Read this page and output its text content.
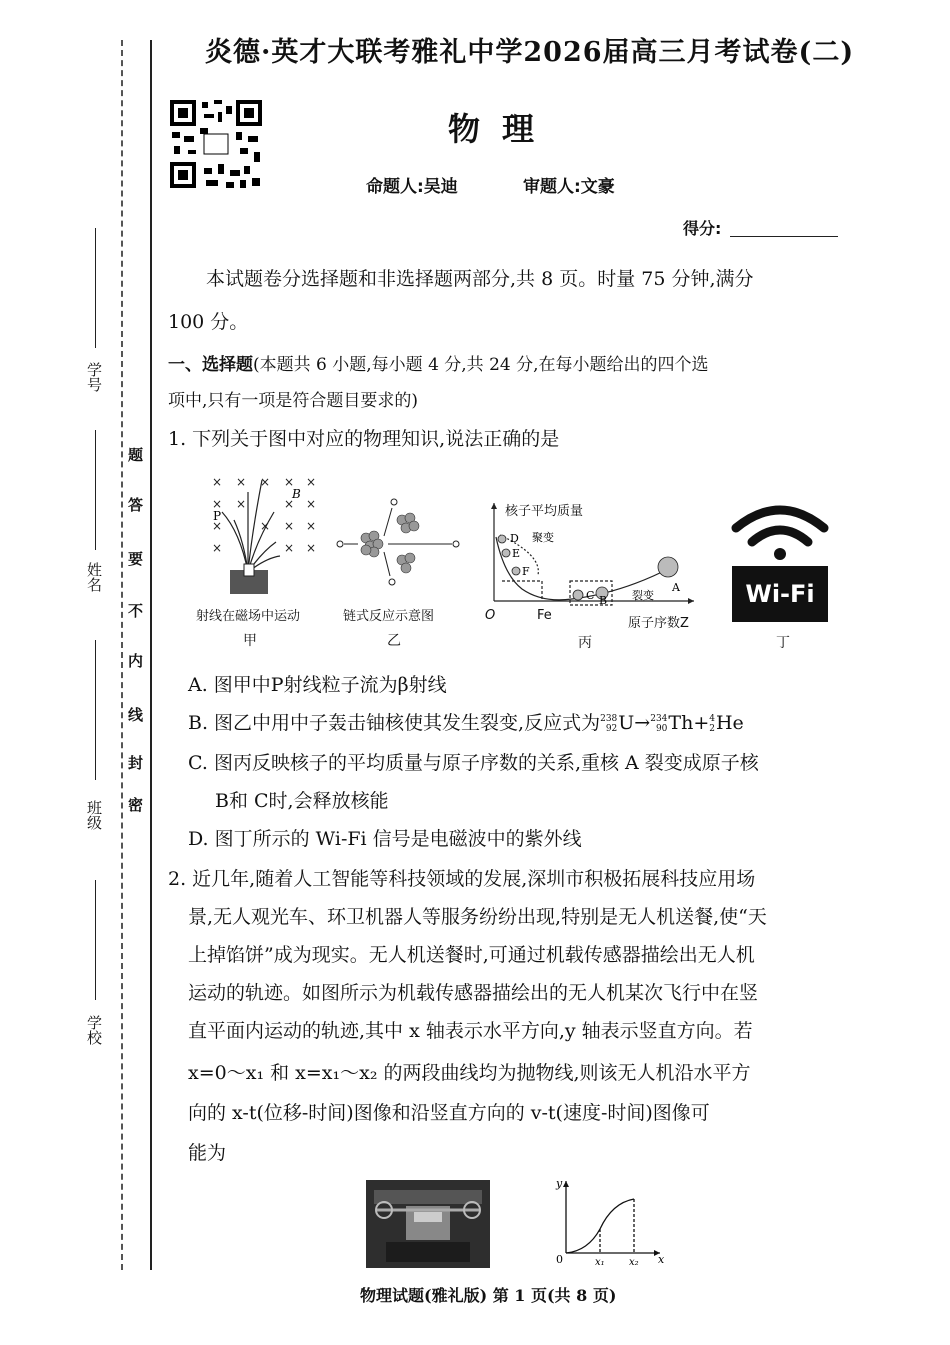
学号
姓名
班级
学校
密
封
线
内
不
要
答
题
炎德·英才大联考雅礼中学2026届高三月考试卷(二)
物理
命题人:吴迪	审题人:文豪
得分:
本试题卷分选择题和非选择题两部分,共 8 页。时量 75 分钟,满分
100 分。
一、选择题(本题共 6 小题,每小题 4 分,共 24 分,在每小题给出的四个选
项中,只有一项是符合题目要求的)
1. 下列关于图中对应的物理知识,说法正确的是
× × × × ×
× ×	×
×	× ×
×	× ×
×
×
P
B
射线在磁场中运动
甲
链式反应示意图
乙
D
E
F
C B
A
聚变
裂变
核子平均质量
O	Fe
原子序数Z
丙
Wi-Fi
丁
A. 图甲中P射线粒子流为β射线
B. 图乙中用中子轰击铀核使其发生裂变,反应式为238
92U→234
90Th+4
2He
C. 图丙反映核子的平均质量与原子序数的关系,重核 A 裂变成原子核
B和 C时,会释放核能
D. 图丁所示的 Wi-Fi 信号是电磁波中的紫外线
2. 近几年,随着人工智能等科技领域的发展,深圳市积极拓展科技应用场
景,无人观光车、环卫机器人等服务纷纷出现,特别是无人机送餐,使“天
上掉馅饼”成为现实。无人机送餐时,可通过机载传感器描绘出无人机
运动的轨迹。如图所示为机载传感器描绘出的无人机某次飞行中在竖
直平面内运动的轨迹,其中 x 轴表示水平方向,y 轴表示竖直方向。若
x=0～x₁ 和 x=x₁～x₂ 的两段曲线均为抛物线,则该无人机沿水平方
向的 x-t(位移-时间)图像和沿竖直方向的 v-t(速度-时间)图像可
能为
y
x
0	x₁ x₂
物理试题(雅礼版) 第 1 页(共 8 页)
